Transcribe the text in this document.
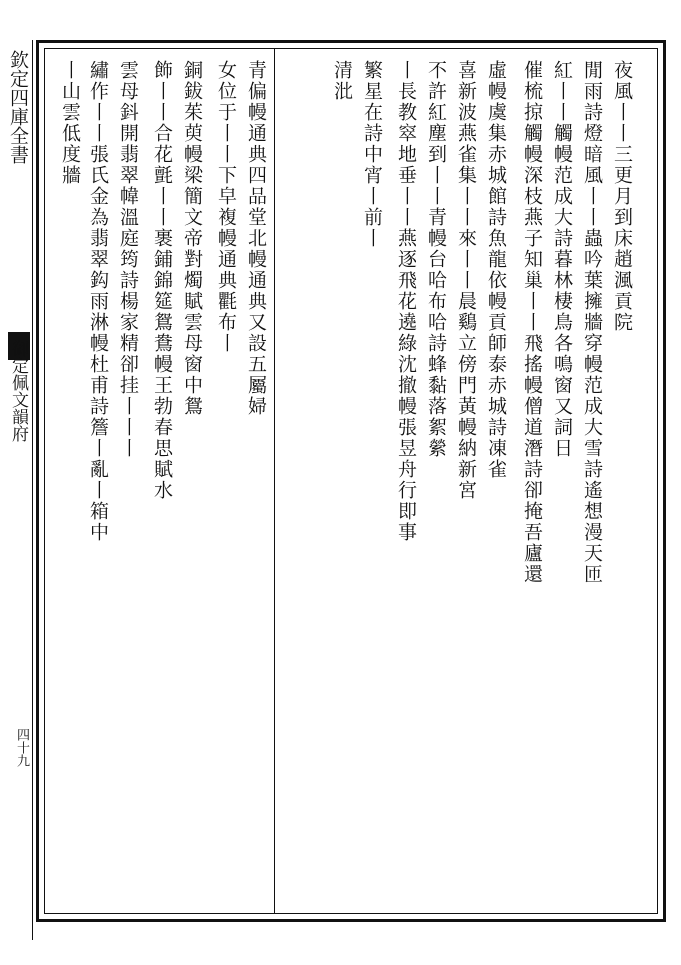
欽定四庫全書
御定佩文韻府
四十九
夜風丨丨三更月到床趙渢貢院
閒雨詩燈暗風丨丨蟲吟葉擁牆穿幔范成大雪詩遙想漫天匝
紅丨丨觸幔范成大詩暮林棲鳥各鳴窗又詞日
催梳掠觸幔深枝燕子知巢丨丨飛搖幔僧道潛詩卻掩吾廬還
虛幔虞集赤城館詩魚龍依幔貢師泰赤城詩凍雀
喜新波燕雀集丨丨來丨丨晨鷄立傍門黃幔納新宮
不許紅塵到丨丨青幔台哈布哈詩蜂黏落絮縈
丨長教窣地垂丨丨燕逐飛花遶綠沈撤幔張昱舟行即事
繁星在詩中宵丨前丨
清沘
青偏幔通典四品堂北幔通典又設五屬婦
女位于丨丨下皁複幔通典氍布丨
銅鈸茱萸幔梁簡文帝對燭賦雲母窗中鴛
飾丨丨合花氈丨丨裹鋪錦筵鴛鴦幔王勃春思賦水
雲母鈄開翡翠幃溫庭筠詩楊家精卻挂丨丨丨
繡作丨丨張氏金為翡翠鈎雨淋幔杜甫詩簷丨亂丨箱中
丨山雲低度牆
